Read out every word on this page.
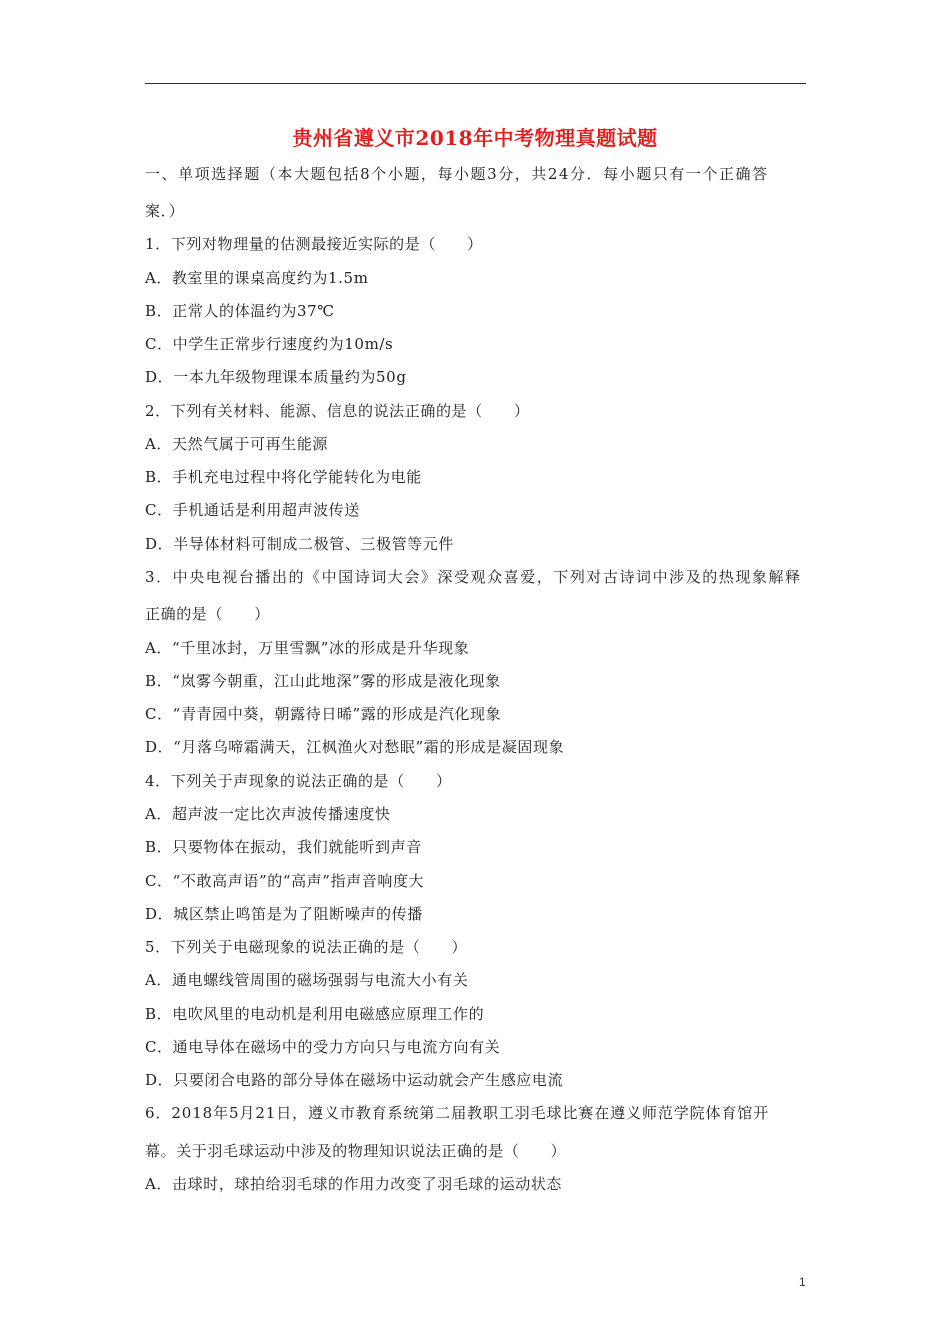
贵州省遵义市2018年中考物理真题试题
一、单项选择题（本大题包括8个小题，每小题3分，共24分．每小题只有一个正确答
案．）
1．下列对物理量的估测最接近实际的是（　　）
A．教室里的课桌高度约为1.5m
B．正常人的体温约为37℃
C．中学生正常步行速度约为10m/s
D．一本九年级物理课本质量约为50g
2．下列有关材料、能源、信息的说法正确的是（　　）
A．天然气属于可再生能源
B．手机充电过程中将化学能转化为电能
C．手机通话是利用超声波传送
D．半导体材料可制成二极管、三极管等元件
3．中央电视台播出的《中国诗词大会》深受观众喜爱，下列对古诗词中涉及的热现象解释
正确的是（　　）
A．“千里冰封，万里雪飘”冰的形成是升华现象
B．“岚雾今朝重，江山此地深”雾的形成是液化现象
C．“青青园中葵，朝露待日晞”露的形成是汽化现象
D．“月落乌啼霜满天，江枫渔火对愁眠”霜的形成是凝固现象
4．下列关于声现象的说法正确的是（　　）
A．超声波一定比次声波传播速度快
B．只要物体在振动，我们就能听到声音
C．“不敢高声语”的“高声”指声音响度大
D．城区禁止鸣笛是为了阻断噪声的传播
5．下列关于电磁现象的说法正确的是（　　）
A．通电螺线管周围的磁场强弱与电流大小有关
B．电吹风里的电动机是利用电磁感应原理工作的
C．通电导体在磁场中的受力方向只与电流方向有关
D．只要闭合电路的部分导体在磁场中运动就会产生感应电流
6．2018年5月21日，遵义市教育系统第二届教职工羽毛球比赛在遵义师范学院体育馆开
幕。关于羽毛球运动中涉及的物理知识说法正确的是（　　）
A．击球时，球拍给羽毛球的作用力改变了羽毛球的运动状态
1
